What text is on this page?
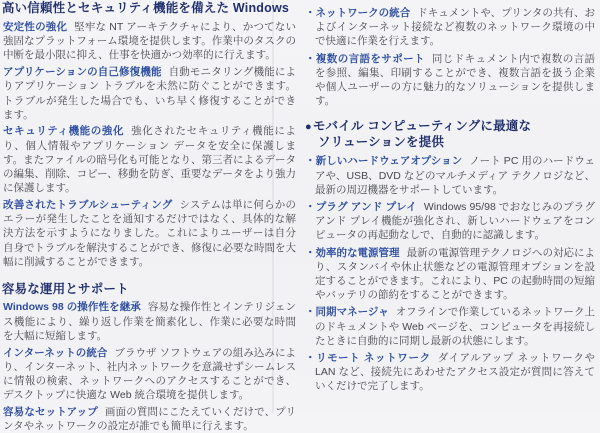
高い信頼性とセキュリティ機能を備えた Windows

安定性の強化 堅牢な NT アーキテクチャにより、かつてない強固なプラットフォーム環境を提供します。作業中のタスクの中断を最小限に抑え、仕事を快適かつ効率的に行えます。

アプリケーションの自己修復機能 自動モニタリング機能によりアプリケーション トラブルを未然に防ぐことができます。トラブルが発生した場合でも、いち早く修復することができます。

セキュリティ機能の強化 強化されたセキュリティ機能により、個人情報やアプリケーション データを安全に保護します。またファイルの暗号化も可能となり、第三者によるデータの編集、削除、コピー、移動を防ぎ、重要なデータをより強力に保護します。

改善されたトラブルシューティング システムは単に何らかのエラーが発生したことを通知するだけではなく、具体的な解決方法を示すようになりました。これによりユーザーは自分自身でトラブルを解決することができ、修復に必要な時間を大幅に削減することができます。

容易な運用とサポート

Windows 98 の操作性を継承 容易な操作性とインテリジェンス機能により、繰り返し作業を簡素化し、作業に必要な時間を大幅に短縮します。

インターネットの統合 ブラウザ ソフトウェアの組み込みにより、インターネット、社内ネットワークを意識せずシームレスに情報の検索、ネットワークへのアクセスすることができ、デスクトップに快適な Web 統合環境を提供します。

容易なセットアップ 画面の質問にこたえていくだけで、プリンタやネットワークの設定が誰でも簡単に行えます。

・ネットワークの統合 ドキュメントや、プリンタの共有、およびインターネット接続など複数のネットワーク環境の中で快適に作業を行えます。

・複数の言語をサポート 同じドキュメント内で複数の言語を参照、編集、印刷することができ、複数言語を扱う企業や個人ユーザーの方に魅力的なソリューションを提供します。

●モバイル コンピューティングに最適な
ソリューションを提供

・新しいハードウェアオプション ノート PC 用のハードウェアや、USB、DVD などのマルチメディア テクノロジなど、最新の周辺機器をサポートしています。

・プラグ アンド プレイ Windows 95/98 でおなじみのプラグ アンド プレイ機能が強化され、新しいハードウェアをコンピュータの再起動なしで、自動的に認識します。

・効率的な電源管理 最新の電源管理テクノロジへの対応により、スタンバイや休止状態などの電源管理オプションを設定することができます。これにより、PC の起動時間の短縮やバッテリの節約をすることができます。

・同期マネージャ オフラインで作業しているネットワーク上のドキュメントや Web ページを、コンピュータを再接続したときに自動的に同期し最新の状態にします。

・リモート ネットワーク ダイアルアップ ネットワークや LAN など、接続先にあわせたアクセス設定が質問に答えていくだけで完了します。
